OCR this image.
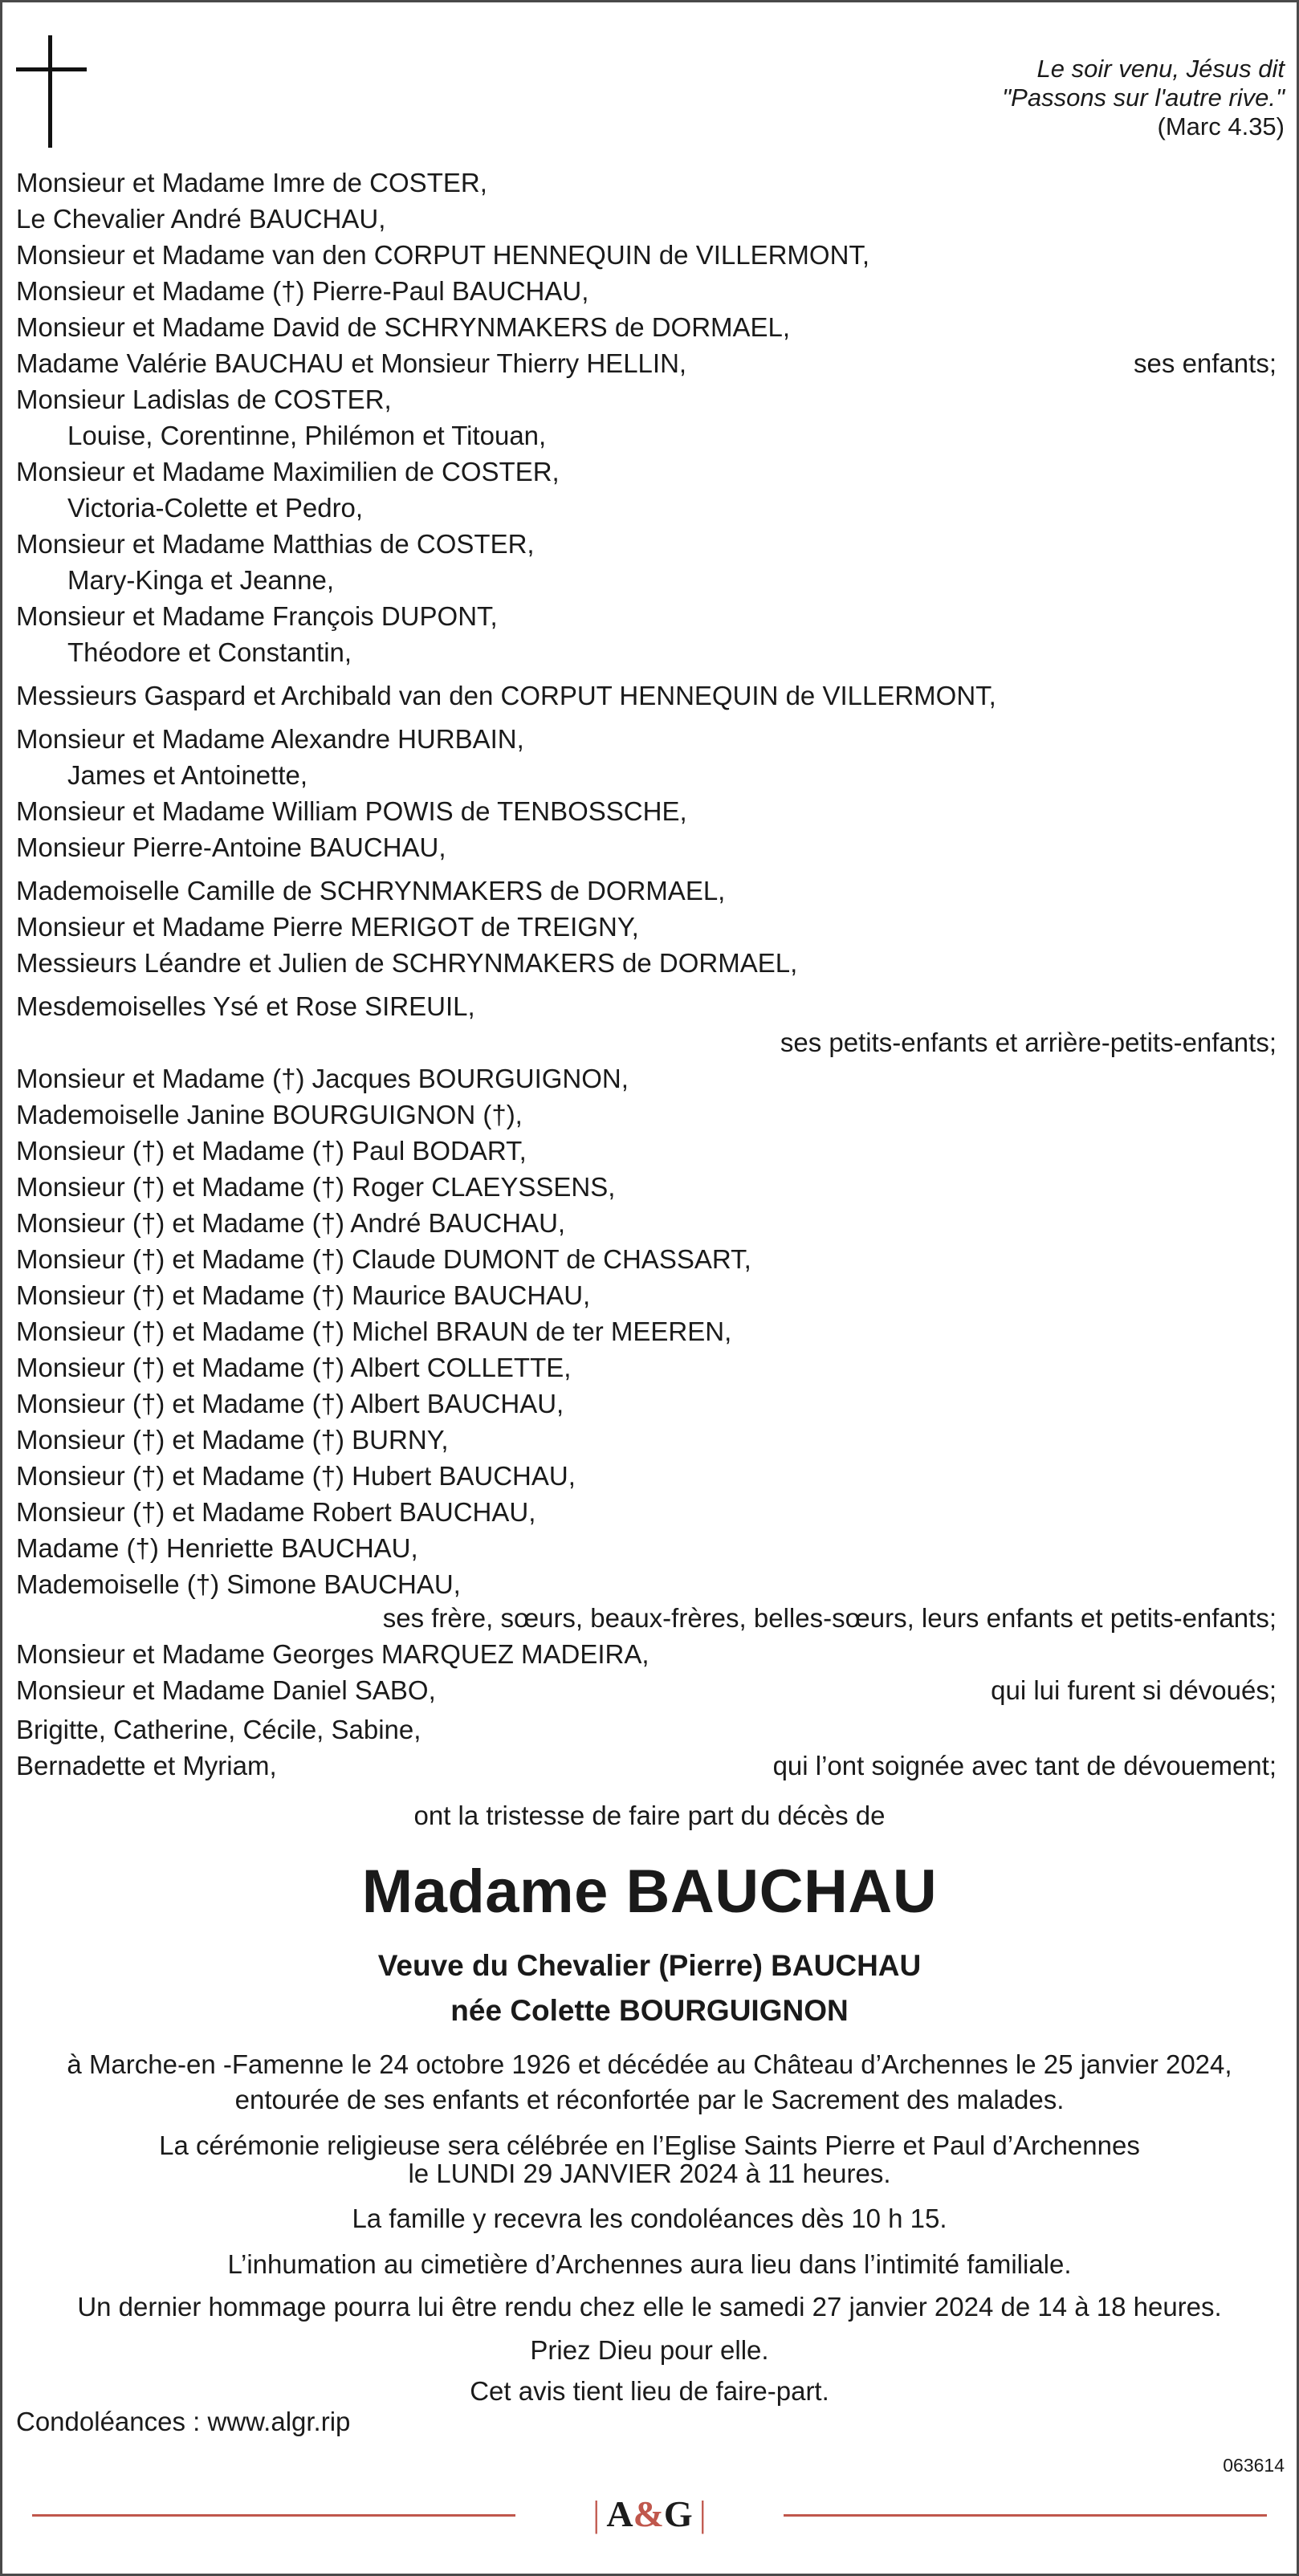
Le soir venu, Jésus dit
"Passons sur l'autre rive."
(Marc 4.35)
Monsieur et Madame Imre de COSTER,
Le Chevalier André BAUCHAU,
Monsieur et Madame van den CORPUT HENNEQUIN de VILLERMONT,
Monsieur et Madame (†) Pierre-Paul BAUCHAU,
Monsieur et Madame David de SCHRYNMAKERS de DORMAEL,
Madame Valérie BAUCHAU et Monsieur Thierry HELLIN,	ses enfants;
Monsieur Ladislas de COSTER,
Louise, Corentinne, Philémon et Titouan,
Monsieur et Madame Maximilien de COSTER,
Victoria-Colette et Pedro,
Monsieur et Madame Matthias de COSTER,
Mary-Kinga et Jeanne,
Monsieur et Madame François DUPONT,
Théodore et Constantin,
Messieurs Gaspard et Archibald van den CORPUT HENNEQUIN de VILLERMONT,
Monsieur et Madame Alexandre HURBAIN,
James et Antoinette,
Monsieur et Madame William POWIS de TENBOSSCHE,
Monsieur Pierre-Antoine BAUCHAU,
Mademoiselle Camille de SCHRYNMAKERS de DORMAEL,
Monsieur et Madame Pierre MERIGOT de TREIGNY,
Messieurs Léandre et Julien de SCHRYNMAKERS de DORMAEL,
Mesdemoiselles Ysé et Rose SIREUIL,
ses petits-enfants et arrière-petits-enfants;
Monsieur et Madame (†) Jacques BOURGUIGNON,
Mademoiselle Janine BOURGUIGNON (†),
Monsieur (†) et Madame (†) Paul BODART,
Monsieur (†) et Madame (†) Roger CLAEYSSENS,
Monsieur (†) et Madame (†) André BAUCHAU,
Monsieur (†) et Madame (†) Claude DUMONT de CHASSART,
Monsieur (†) et Madame (†) Maurice BAUCHAU,
Monsieur (†) et Madame (†) Michel BRAUN de ter MEEREN,
Monsieur (†) et Madame (†) Albert COLLETTE,
Monsieur (†) et Madame (†) Albert BAUCHAU,
Monsieur (†) et Madame (†) BURNY,
Monsieur (†) et Madame (†) Hubert BAUCHAU,
Monsieur (†) et Madame Robert BAUCHAU,
Madame (†) Henriette BAUCHAU,
Mademoiselle (†) Simone BAUCHAU,
ses frère, sœurs, beaux-frères, belles-sœurs, leurs enfants et petits-enfants;
Monsieur et Madame Georges MARQUEZ MADEIRA,
Monsieur et Madame Daniel SABO,	qui lui furent si dévoués;
Brigitte, Catherine, Cécile, Sabine,
Bernadette et Myriam,	qui l’ont soignée avec tant de dévouement;
ont la tristesse de faire part du décès de
Madame BAUCHAU
Veuve du Chevalier (Pierre) BAUCHAU
née Colette BOURGUIGNON
à Marche-en -Famenne le 24 octobre 1926 et décédée au Château d’Archennes le 25 janvier 2024,
entourée de ses enfants et réconfortée par le Sacrement des malades.
La cérémonie religieuse sera célébrée en l’Eglise Saints Pierre et Paul d’Archennes
le LUNDI 29 JANVIER 2024 à 11 heures.
La famille y recevra les condoléances dès 10 h 15.
L’inhumation au cimetière d’Archennes aura lieu dans l’intimité familiale.
Un dernier hommage pourra lui être rendu chez elle le samedi 27 janvier 2024 de 14 à 18 heures.
Priez Dieu pour elle.
Cet avis tient lieu de faire-part.
Condoléances : www.algr.rip
063614
| A&G |
